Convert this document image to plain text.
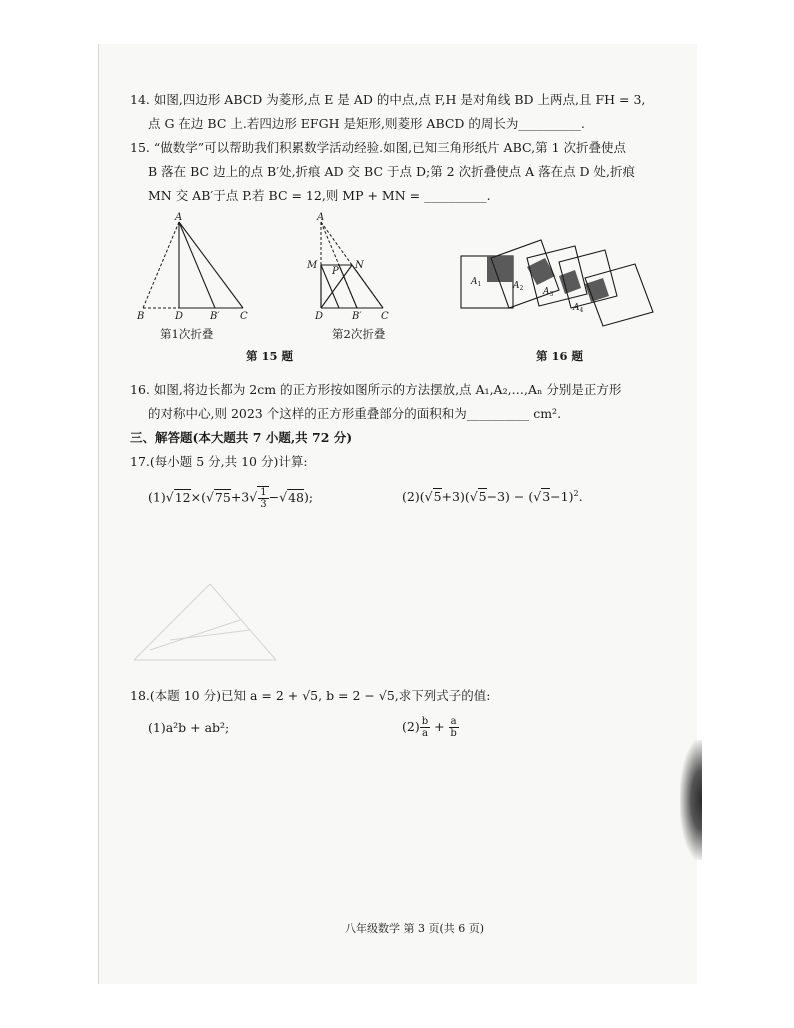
14. 如图,四边形 ABCD 为菱形,点 E 是 AD 的中点,点 F,H 是对角线 BD 上两点,且 FH = 3,
点 G 在边 BC 上.若四边形 EFGH 是矩形,则菱形 ABCD 的周长为__________.
15. “做数学”可以帮助我们积累数学活动经验.如图,已知三角形纸片 ABC,第 1 次折叠使点
B 落在 BC 边上的点 B′处,折痕 AD 交 BC 于点 D;第 2 次折叠使点 A 落在点 D 处,折痕
MN 交 AB′于点 P.若 BC = 12,则 MP + MN = __________.
A
B	D	B′ C
第1次折叠
A
M
P
N
D	B′ C
第2次折叠
$A_1$	$A_2$ $A_3$
$A_4$
第 15 题	第 16 题
16. 如图,将边长都为 2cm 的正方形按如图所示的方法摆放,点 A₁,A₂,…,Aₙ 分别是正方形
的对称中心,则 2023 个这样的正方形重叠部分的面积和为__________ cm².
三、解答题(本大题共 7 小题,共 72 分)
17.(每小题 5 分,共 10 分)计算:
$(1)√12\times(√75+3√ \frac{1}{3} -√48)$;	$(2)(√5+3)(√5-3) - (√3-1)^2$.
18.(本题 10 分)已知 a = 2 + √5, b = 2 − √5,求下列式子的值:
(1)a²b + ab²;	$(2) \frac{b}{a} + \frac{a}{b}$
八年级数学 第 3 页(共 6 页)
